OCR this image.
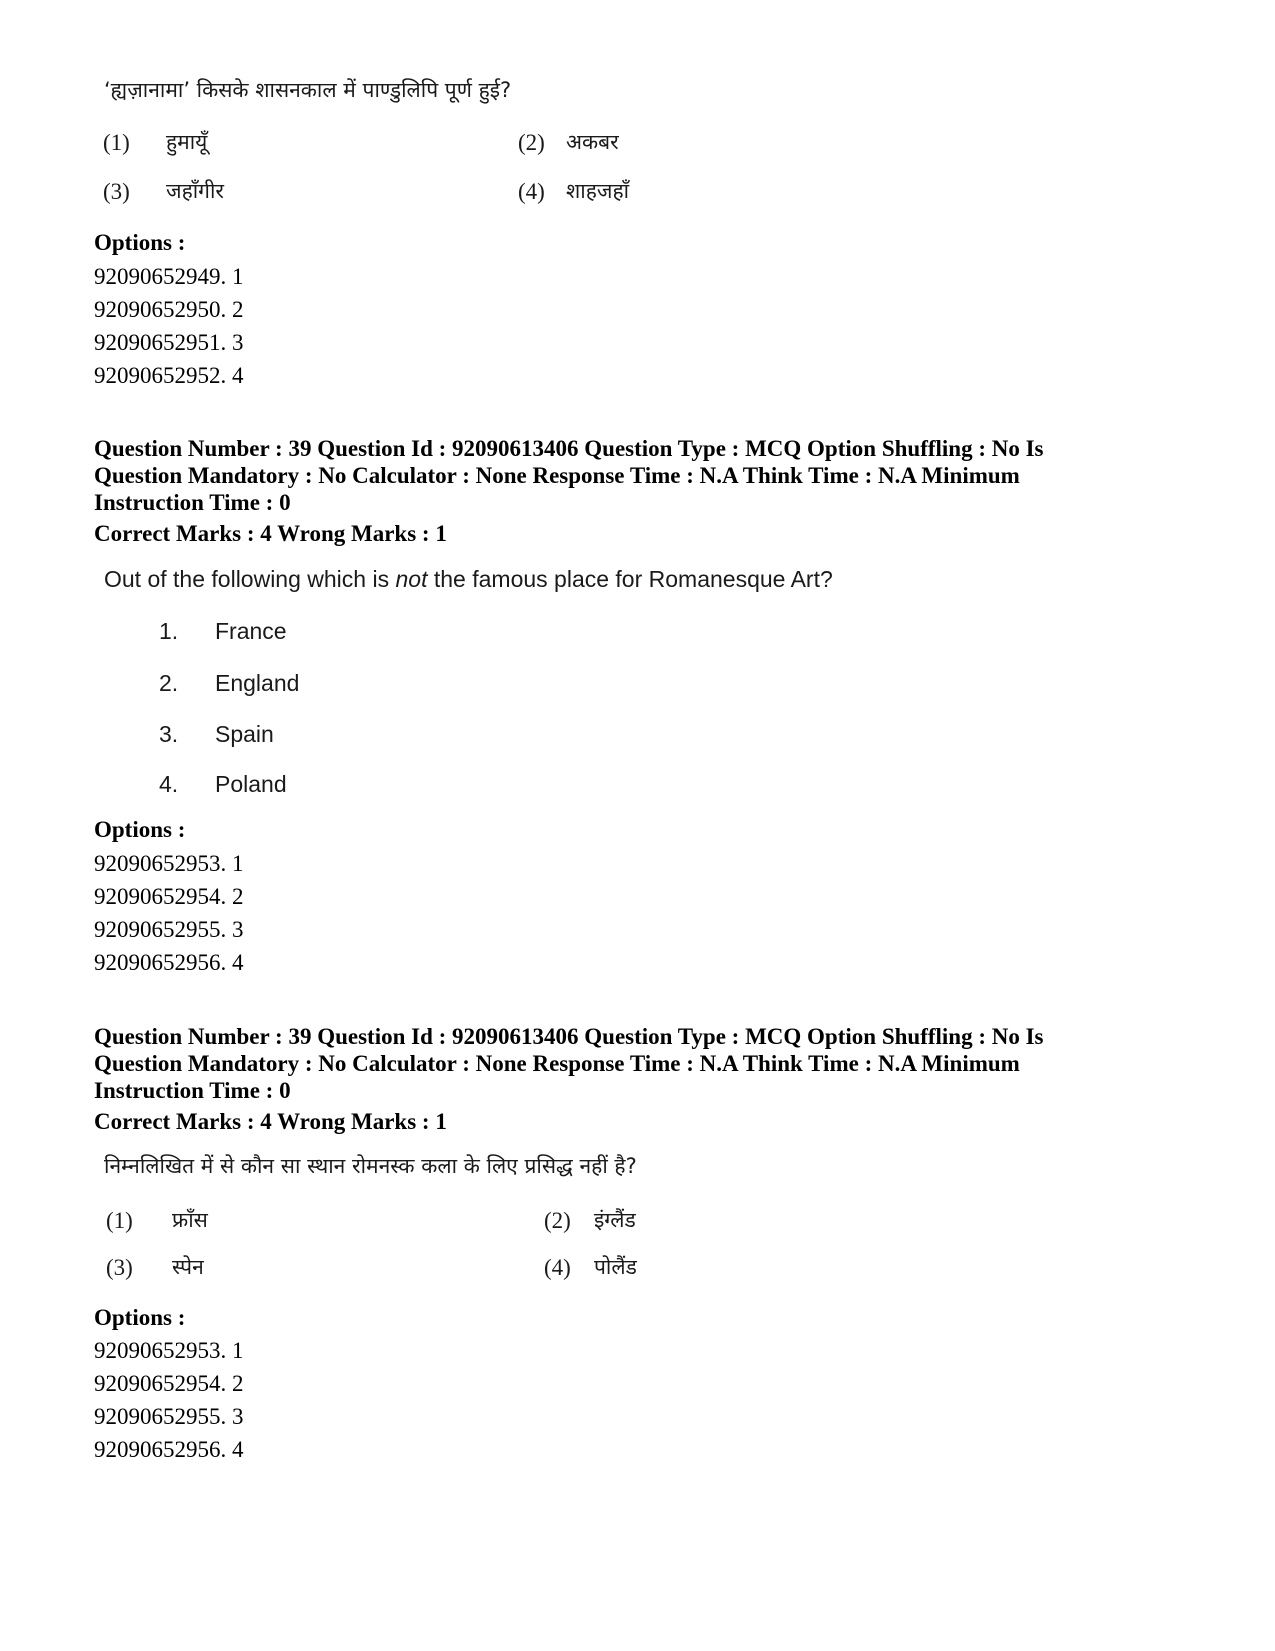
‘ह्यज़ानामा’ किसके शासनकाल में पाण्डुलिपि पूर्ण हुई?
(1) हुमायूँ	(2) अकबर
(3) जहाँगीर	(4) शाहजहाँ
Options :
92090652949. 1
92090652950. 2
92090652951. 3
92090652952. 4
Question Number : 39 Question Id : 92090613406 Question Type : MCQ Option Shuffling : No Is
Question Mandatory : No Calculator : None Response Time : N.A Think Time : N.A Minimum
Instruction Time : 0
Correct Marks : 4 Wrong Marks : 1
Out of the following which is not the famous place for Romanesque Art?
1. France
2. England
3. Spain
4. Poland
Options :
92090652953. 1
92090652954. 2
92090652955. 3
92090652956. 4
Question Number : 39 Question Id : 92090613406 Question Type : MCQ Option Shuffling : No Is
Question Mandatory : No Calculator : None Response Time : N.A Think Time : N.A Minimum
Instruction Time : 0
Correct Marks : 4 Wrong Marks : 1
निम्नलिखित में से कौन सा स्थान रोमनस्क कला के लिए प्रसिद्ध नहीं है?
(1) फ्राँस	(2) इंग्लैंड
(3) स्पेन	(4) पोलैंड
Options :
92090652953. 1
92090652954. 2
92090652955. 3
92090652956. 4
